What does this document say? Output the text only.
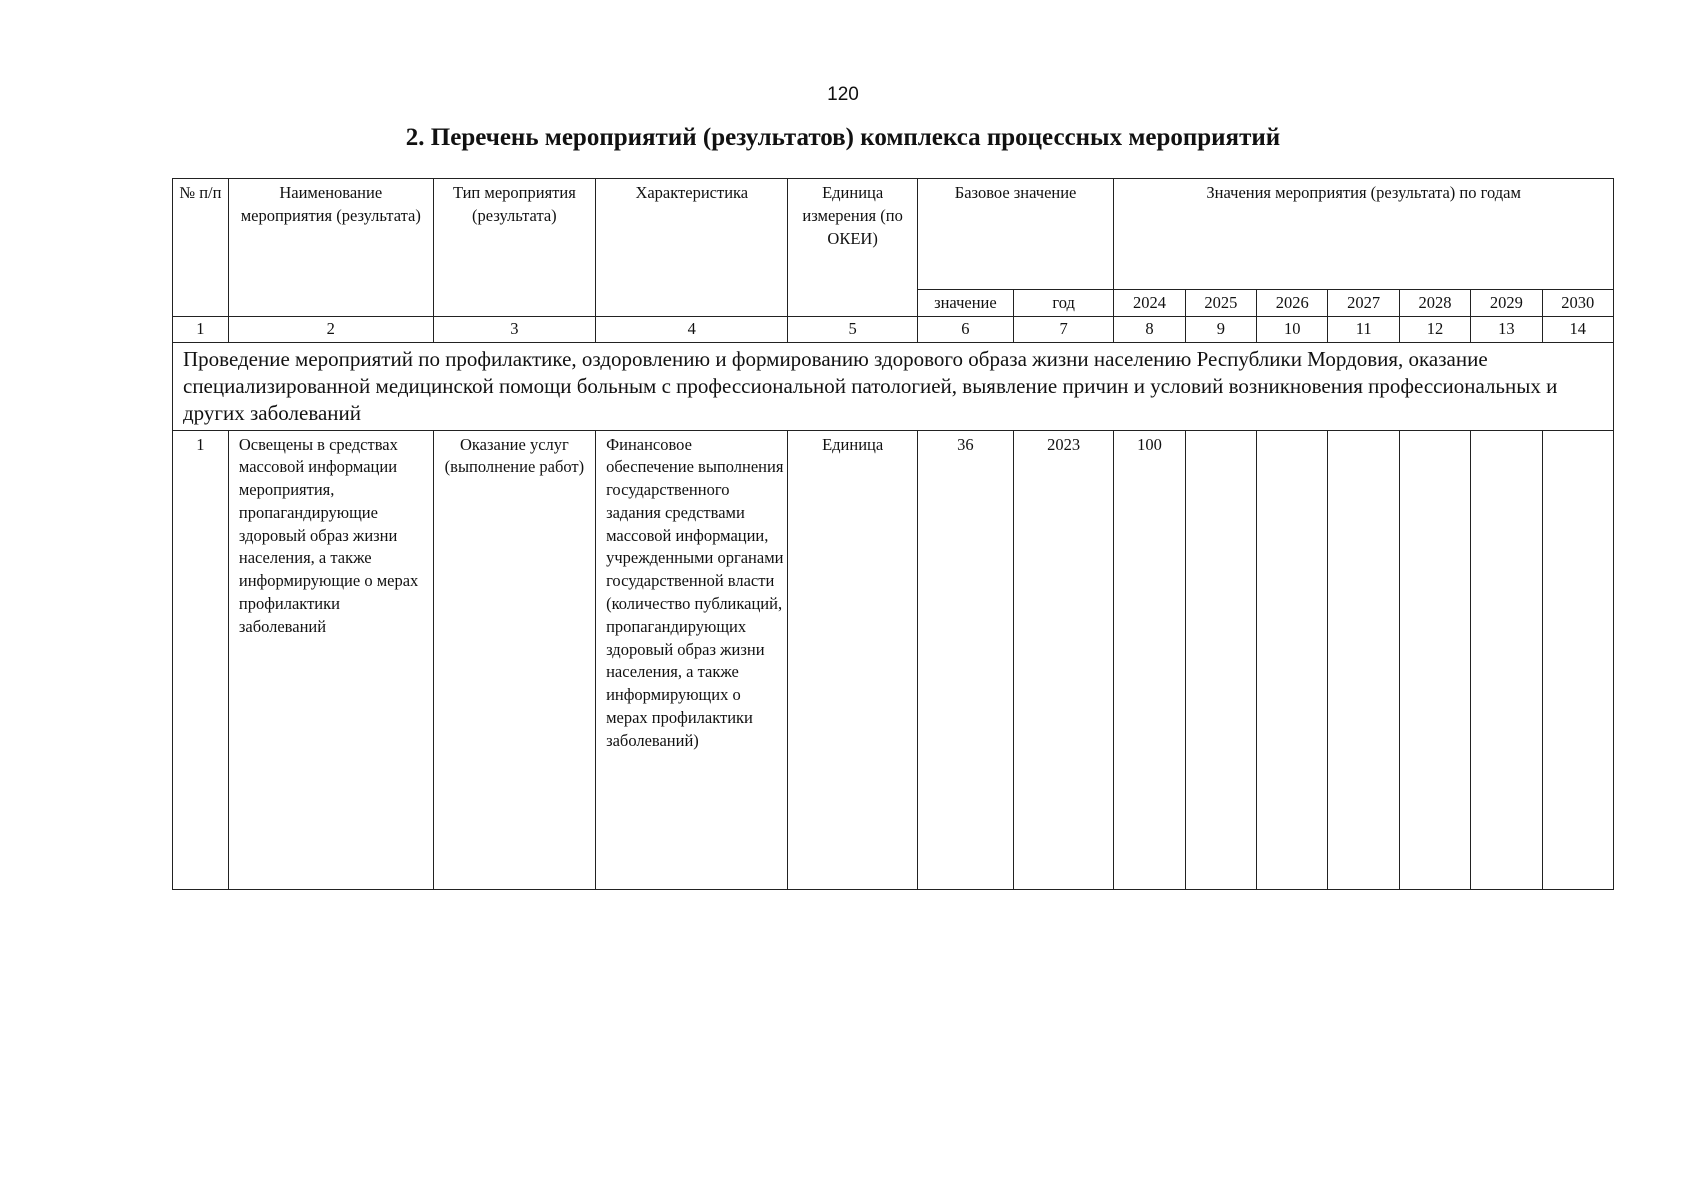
120
2. Перечень мероприятий (результатов) комплекса процессных мероприятий
№ п/п	Наименование мероприятия (результата)	Тип мероприятия (результата)	Характеристика	Единица измерения (по ОКЕИ)	Базовое значение		Значения мероприятия (результата) по годам						
					значение	год	2024	2025	2026	2027	2028	2029	2030
1	2	3	4	5	6	7	8	9	10	11	12	13	14
Проведение мероприятий по профилактике, оздоровлению и формированию здорового образа жизни населению Республики Мордовия, оказание специализированной медицинской помощи больным с профессиональной патологией, выявление причин и условий возникновения профессиональных и других заболеваний													
1	Освещены в средствах массовой информации мероприятия, пропагандирующие здоровый образ жизни населения, а также информирующие о мерах профилактики заболеваний	Оказание услуг (выполнение работ)	Финансовое обеспечение выполнения государственного задания средствами массовой информации, учрежденными органами государственной власти (количество публикаций, пропагандирующих здоровый образ жизни населения, а также информирующих о мерах профилактики заболеваний)	Единица	36	2023	100						
